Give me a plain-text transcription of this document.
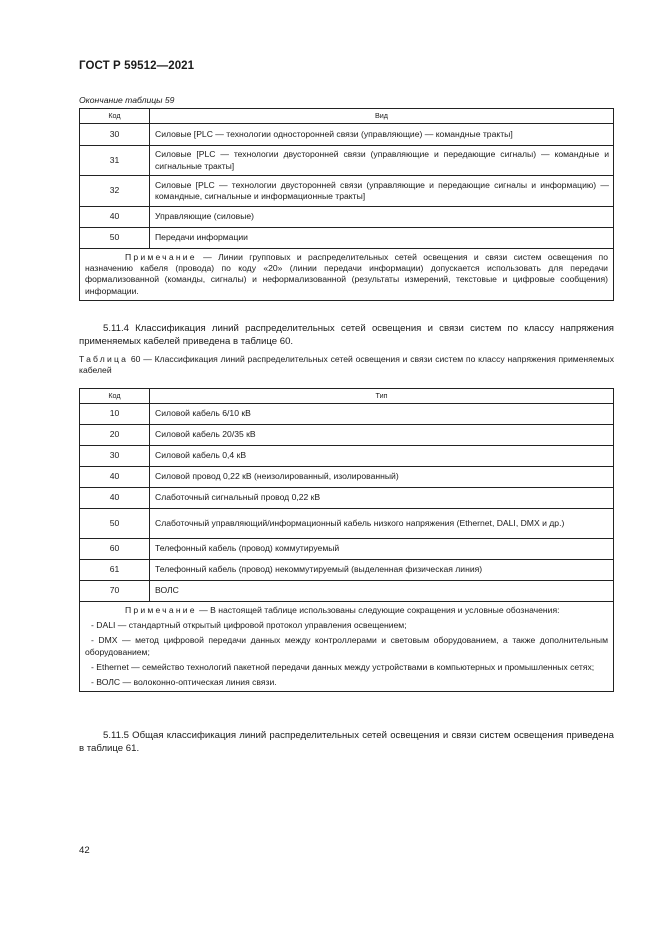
ГОСТ Р 59512—2021
Окончание таблицы 59
Код	Вид
30	Силовые [PLC — технологии односторонней связи (управляющие) — командные тракты]
31	Силовые [PLC — технологии двусторонней связи (управляющие и передающие сигналы) — командные и сигнальные тракты]
32	Силовые [PLC — технологии двусторонней связи (управляющие и передающие сигналы и информацию) — командные, сигнальные и информационные тракты]
40	Управляющие (силовые)
50	Передачи информации

Примечание — Линии групповых и распределительных сетей освещения и связи систем освещения по назначению кабеля (провода) по коду «20» (линии передачи информации) допускается использовать для передачи формализованной (команды, сигналы) и неформализованной (результаты измерений, текстовые и цифровые сообщения) информации.	

5.11.4 Классификация линий распределительных сетей освещения и связи систем по классу напряжения применяемых кабелей приведена в таблице 60.
Таблица 60 — Классификация линий распределительных сетей освещения и связи систем по классу напряжения применяемых кабелей
Код	Тип
10	Силовой кабель 6/10 кВ
20	Силовой кабель 20/35 кВ
30	Силовой кабель 0,4 кВ
40	Силовой провод 0,22 кВ (неизолированный, изолированный)
40	Слаботочный сигнальный провод 0,22 кВ
50	Слаботочный управляющий/информационный кабель низкого напряжения (Ethernet, DALI, DMX и др.)
60	Телефонный кабель (провод) коммутируемый
61	Телефонный кабель (провод) некоммутируемый (выделенная физическая линия)
70	ВОЛС

Примечание — В настоящей таблице использованы следующие сокращения и условные обозначения:

- DALI — стандартный открытый цифровой протокол управления освещением;

- DMX — метод цифровой передачи данных между контроллерами и световым оборудованием, а также дополнительным оборудованием;

- Ethernet — семейство технологий пакетной передачи данных между устройствами в компьютерных и промышленных сетях;

- ВОЛС — волоконно-оптическая линия связи.	

5.11.5 Общая классификация линий распределительных сетей освещения и связи систем освещения приведена в таблице 61.
42
